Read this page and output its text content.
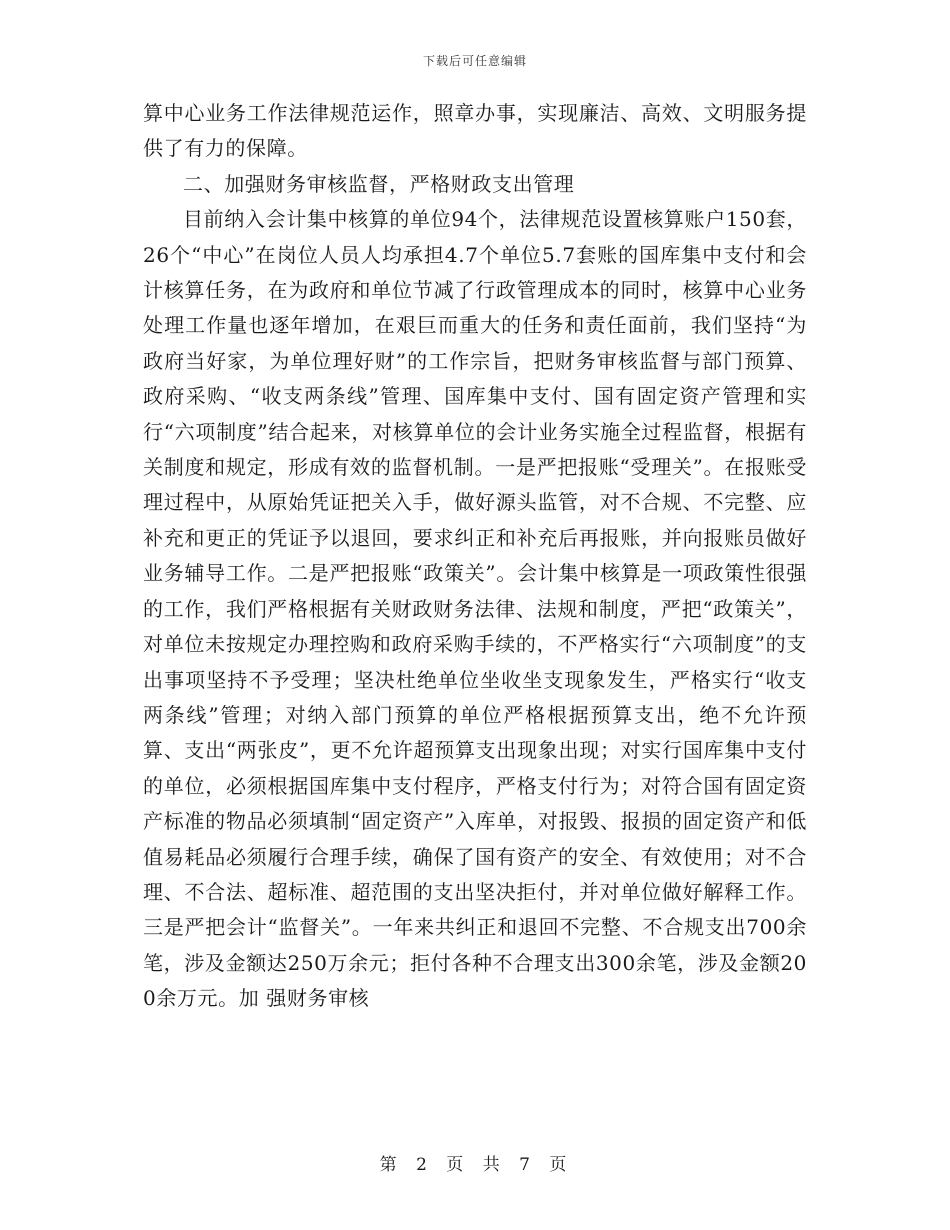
下载后可任意编辑

算中心业务工作法律规范运作，照章办事，实现廉洁、高效、文明服务提供了有力的保障。

二、加强财务审核监督，严格财政支出管理

目前纳入会计集中核算的单位94个，法律规范设置核算账户150套，26个“中心”在岗位人员人均承担4.7个单位5.7套账的国库集中支付和会计核算任务，在为政府和单位节减了行政管理成本的同时，核算中心业务处理工作量也逐年增加，在艰巨而重大的任务和责任面前，我们坚持“为政府当好家，为单位理好财”的工作宗旨，把财务审核监督与部门预算、政府采购、“收支两条线”管理、国库集中支付、国有固定资产管理和实行“六项制度”结合起来，对核算单位的会计业务实施全过程监督，根据有关制度和规定，形成有效的监督机制。一是严把报账“受理关”。在报账受理过程中，从原始凭证把关入手，做好源头监管，对不合规、不完整、应补充和更正的凭证予以退回，要求纠正和补充后再报账，并向报账员做好业务辅导工作。二是严把报账“政策关”。会计集中核算是一项政策性很强的工作，我们严格根据有关财政财务法律、法规和制度，严把“政策关”，对单位未按规定办理控购和政府采购手续的，不严格实行“六项制度”的支出事项坚持不予受理；坚决杜绝单位坐收坐支现象发生，严格实行“收支两条线”管理；对纳入部门预算的单位严格根据预算支出，绝不允许预算、支出“两张皮”，更不允许超预算支出现象出现；对实行国库集中支付的单位，必须根据国库集中支付程序，严格支付行为；对符合国有固定资产标准的物品必须填制“固定资产”入库单，对报毁、报损的固定资产和低值易耗品必须履行合理手续，确保了国有资产的安全、有效使用；对不合理、不合法、超标准、超范围的支出坚决拒付，并对单位做好解释工作。三是严把会计“监督关”。一年来共纠正和退回不完整、不合规支出700余笔，涉及金额达250万余元；拒付各种不合理支出300余笔，涉及金额200余万元。加 强财务审核

第 2 页 共 7 页
